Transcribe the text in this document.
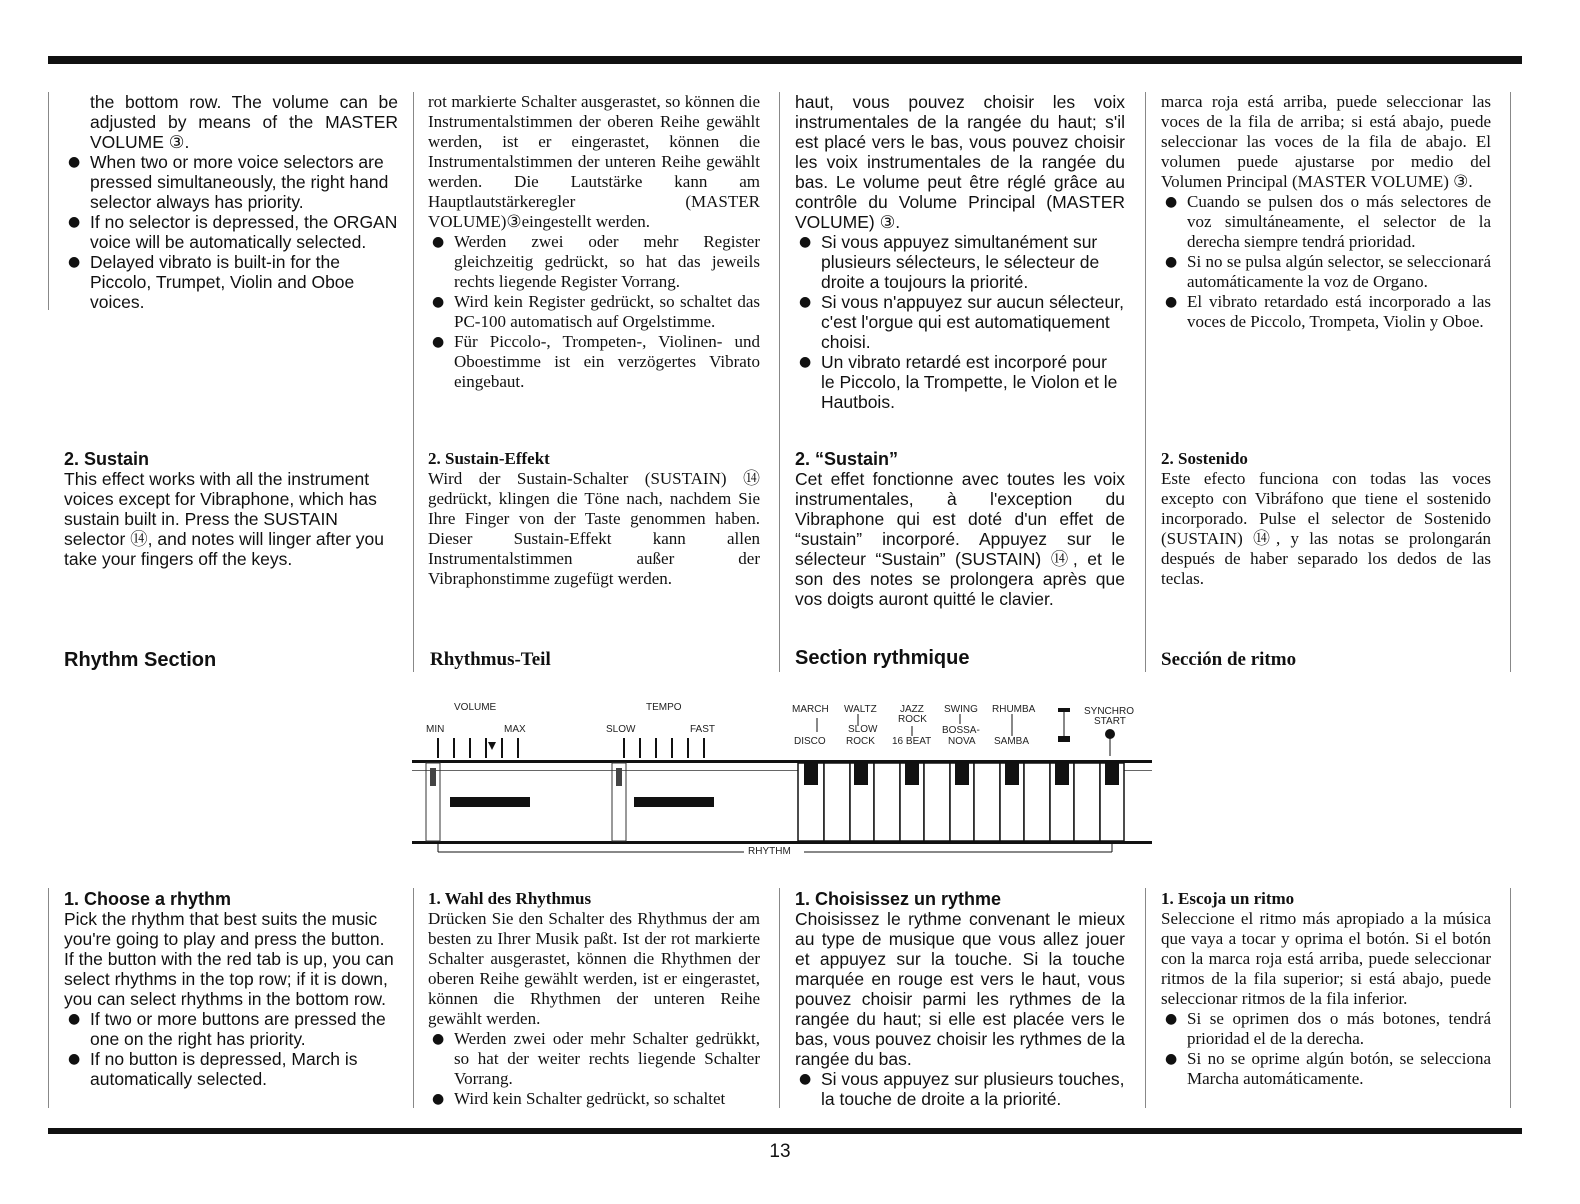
the bottom row. The volume can be adjusted by means of the MASTER VOLUME ③.

● When two or more voice selectors are pressed simultaneously, the right hand selector always has priority.
● If no selector is depressed, the ORGAN voice will be automatically selected.
● Delayed vibrato is built-in for the Piccolo, Trumpet, Violin and Oboe voices.
2. Sustain

This effect works with all the instrument voices except for Vibraphone, which has sustain built in. Press the SUSTAIN selector ⑭, and notes will linger after you take your fingers off the keys.

Rhythm Section
1. Choose a rhythm

Pick the rhythm that best suits the music you're going to play and press the button. If the button with the red tab is up, you can select rhythms in the top row; if it is down, you can select rhythms in the bottom row.

● If two or more buttons are pressed the one on the right has priority.
● If no button is depressed, March is automatically selected.

rot markierte Schalter ausgerastet, so können die Instrumentalstimmen der oberen Reihe gewählt werden, ist er eingerastet, können die Instrumentalstimmen der unteren Reihe gewählt werden. Die Lautstärke kann am Hauptlautstärkeregler (MASTER VOLUME)③eingestellt werden.

● Werden zwei oder mehr Register gleichzeitig gedrückt, so hat das jeweils rechts liegende Register Vorrang.
● Wird kein Register gedrückt, so schaltet das PC-100 automatisch auf Orgelstimme.
● Für Piccolo-, Trompeten-, Violinen- und Oboestimme ist ein verzögertes Vibrato eingebaut.
2. Sustain-Effekt

Wird der Sustain-Schalter (SUSTAIN) ⑭ gedrückt, klingen die Töne nach, nachdem Sie Ihre Finger von der Taste genommen haben. Dieser Sustain-Effekt kann allen Instrumentalstimmen außer der Vibraphonstimme zugefügt werden.

Rhythmus-Teil
1. Wahl des Rhythmus

Drücken Sie den Schalter des Rhythmus der am besten zu Ihrer Musik paßt. Ist der rot markierte Schalter ausgerastet, können die Rhythmen der oberen Reihe gewählt werden, ist er eingerastet, können die Rhythmen der unteren Reihe gewählt werden.

● Werden zwei oder mehr Schalter gedrükkt, so hat der weiter rechts liegende Schalter Vorrang.
● Wird kein Schalter gedrückt, so schaltet

haut, vous pouvez choisir les voix instrumentales de la rangée du haut; s'il est placé vers le bas, vous pouvez choisir les voix instrumentales de la rangée du bas. Le volume peut être réglé grâce au contrôle du Volume Principal (MASTER VOLUME) ③.

● Si vous appuyez simultanément sur plusieurs sélecteurs, le sélecteur de droite a toujours la priorité.
● Si vous n'appuyez sur aucun sélecteur, c'est l'orgue qui est automatiquement choisi.
● Un vibrato retardé est incorporé pour le Piccolo, la Trompette, le Violon et le Hautbois.
2. “Sustain”

Cet effet fonctionne avec toutes les voix instrumentales, à l'exception du Vibraphone qui est doté d'un effet de “sustain” incorporé. Appuyez sur le sélecteur “Sustain” (SUSTAIN) ⑭, et le son des notes se prolongera après que vos doigts auront quitté le clavier.

Section rythmique
1. Choisissez un rythme

Choisissez le rythme convenant le mieux au type de musique que vous allez jouer et appuyez sur la touche. Si la touche marquée en rouge est vers le haut, vous pouvez choisir parmi les rythmes de la rangée du haut; si elle est placée vers le bas, vous pouvez choisir les rythmes de la rangée du bas.

● Si vous appuyez sur plusieurs touches, la touche de droite a la priorité.

marca roja está arriba, puede seleccionar las voces de la fila de arriba; si está abajo, puede seleccionar las voces de la fila de abajo. El volumen puede ajustarse por medio del Volumen Principal (MASTER VOLUME) ③.

● Cuando se pulsen dos o más selectores de voz simultáneamente, el selector de la derecha siempre tendrá prioridad.
● Si no se pulsa algún selector, se seleccionará automáticamente la voz de Organo.
● El vibrato retardado está incorporado a las voces de Piccolo, Trompeta, Violin y Oboe.
2. Sostenido

Este efecto funciona con todas las voces excepto con Vibráfono que tiene el sostenido incorporado. Pulse el selector de Sostenido (SUSTAIN) ⑭, y las notas se prolongarán después de haber separado los dedos de las teclas.

Sección de ritmo
1. Escoja un ritmo

Seleccione el ritmo más apropiado a la música que vaya a tocar y oprima el botón. Si el botón con la marca roja está arriba, puede seleccionar ritmos de la fila superior; si está abajo, puede seleccionar ritmos de la fila inferior.

● Si se oprimen dos o más botones, tendrá prioridad el de la derecha.
● Si no se oprime algún botón, se selecciona Marcha automáticamente.
VOLUME
MIN	MAX
TEMPO
SLOW	FAST
MARCH
DISCO
WALTZ
SLOW
ROCK
JAZZ
ROCK
16 BEAT
SWING
BOSSA-
NOVA
RHUMBA
SAMBA
SYNCHRO
START
RHYTHM
13
